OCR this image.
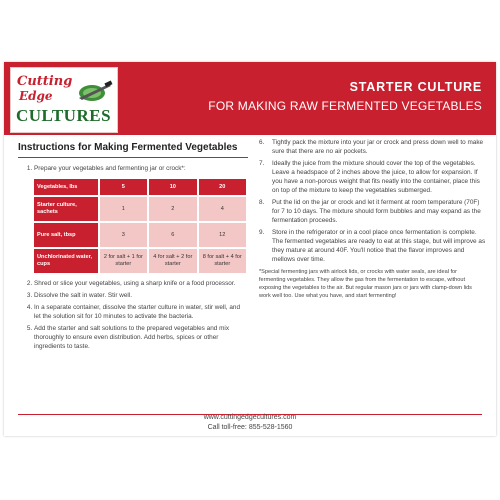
Cutting
Edge
CULTURES
STARTER CULTURE
FOR MAKING RAW FERMENTED VEGETABLES
Instructions for Making Fermented Vegetables
1. Prepare your vegetables and fermenting jar or crock*:
Vegetables, lbs	5	10	20
Starter culture, sachets	1	2	4
Pure salt, tbsp	3	6	12
Unchlorinated water, cups	2 for salt + 1 for starter	4 for salt + 2 for starter	8 for salt + 4 for starter
2. Shred or slice your vegetables, using a sharp knife or a food processor.
3. Dissolve the salt in water. Stir well.
4. In a separate container, dissolve the starter culture in water, stir well, and let the solution sit for 10 minutes to activate the bacteria.
5. Add the starter and salt solutions to the prepared vegetables and mix thoroughly to ensure even distribution. Add herbs, spices or other ingredients to taste.
6. Tightly pack the mixture into your jar or crock and press down well to make sure that there are no air pockets.
7. Ideally the juice from the mixture should cover the top of the vegetables. Leave a headspace of 2 inches above the juice, to allow for expansion. If you have a non-porous weight that fits neatly into the container, place this on top of the mixture to keep the vegetables submerged.
8. Put the lid on the jar or crock and let it ferment at room temperature (70F) for 7 to 10 days. The mixture should form bubbles and may expand as the fermentation proceeds.
9. Store in the refrigerator or in a cool place once fermentation is complete. The fermented vegetables are ready to eat at this stage, but will improve as they mature at around 40F. You'll notice that the flavor improves and mellows over time.
*Special fermenting jars with airlock lids, or crocks with water seals, are ideal for fermenting vegetables. They allow the gas from the fermentation to escape, without exposing the vegetables to the air. But regular mason jars or jars with clamp-down lids work well too. Use what you have, and start fermenting!
www.cuttingedgecultures.com
Call toll-free: 855-528-1560
